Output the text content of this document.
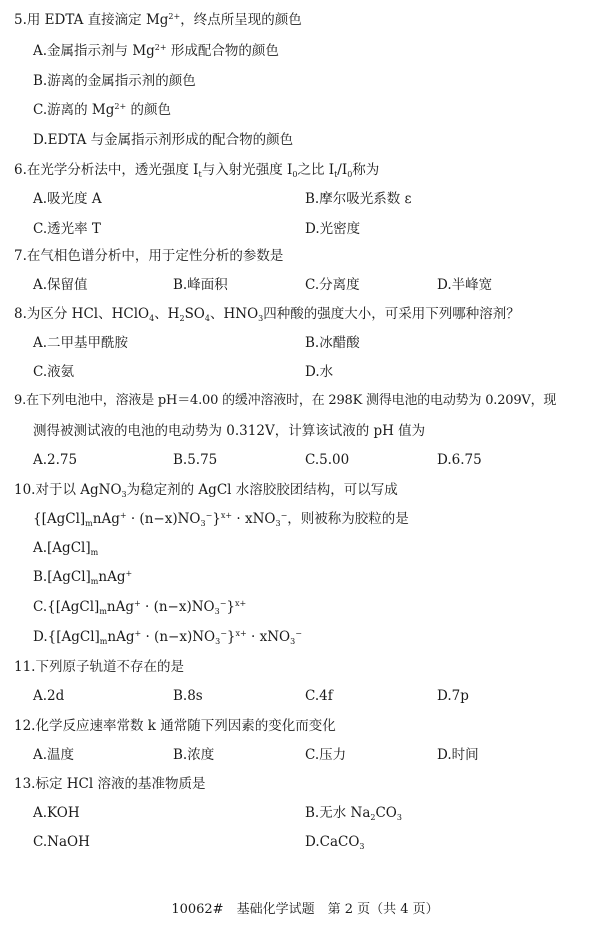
5.用 EDTA 直接滴定 $Mg^{2+}$，终点所呈现的颜色
A.金属指示剂与 $Mg^{2+}$ 形成配合物的颜色
B.游离的金属指示剂的颜色
C.游离的 $Mg^{2+}$ 的颜色
D.EDTA 与金属指示剂形成的配合物的颜色
6.在光学分析法中，透光强度 $I_t$与入射光强度 $I_0$之比 $I_t/I_0$称为
A.吸光度 A	B.摩尔吸光系数 ε
C.透光率 T	D.光密度
7.在气相色谱分析中，用于定性分析的参数是
A.保留值	B.峰面积	C.分离度	D.半峰宽
8.为区分 HCl、HClO$_4$、$H_2SO_4$、$HNO_3$四种酸的强度大小，可采用下列哪种溶剂？
A.二甲基甲酰胺	B.冰醋酸
C.液氨	D.水
9.在下列电池中，溶液是 pH＝4.00 的缓冲溶液时，在 298K 测得电池的电动势为 0.209V，现
测得被测试液的电池的电动势为 0.312V，计算该试液的 pH 值为
A.2.75	B.5.75	C.5.00	D.6.75
10.对于以 AgNO$_3$为稳定剂的 AgCl 水溶胶胶团结构，可以写成
$\{[AgCl]_mnAg^+ \cdot (n-x)NO_3^-\}^{x+} \cdot xNO_3^-$，则被称为胶粒的是
$A.[AgCl]_m$
$B.[AgCl]_mnAg^+$
$C.\{[AgCl]_mnAg^+ \cdot (n-x)NO_3^-\}^{x+}$
$D.\{[AgCl]_mnAg^+ \cdot (n-x)NO_3^-\}^{x+} \cdot xNO_3^-$
11.下列原子轨道不存在的是
A.2d	B.8s	C.4f	D.7p
12.化学反应速率常数 k 通常随下列因素的变化而变化
A.温度	B.浓度	C.压力	D.时间
13.标定 HCl 溶液的基准物质是
A.KOH	B.无水 $Na_2CO_3$
C.NaOH	D.CaCO$_3$
10062#　基础化学试题　第 2 页（共 4 页）
